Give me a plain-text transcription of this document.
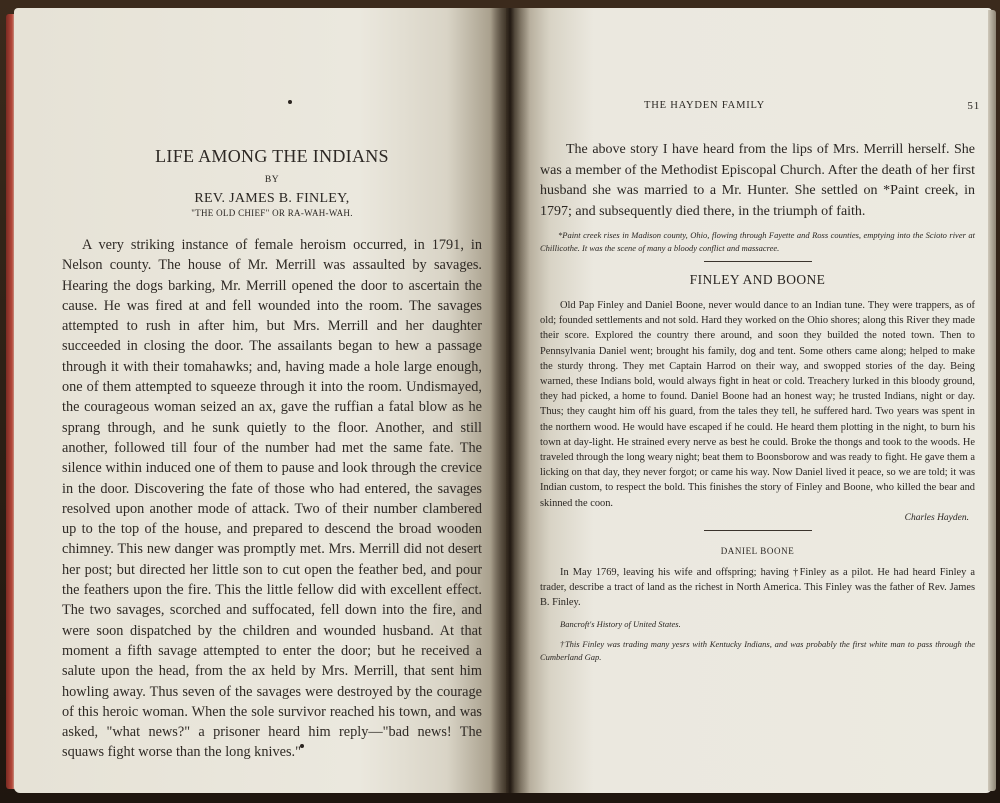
LIFE AMONG THE INDIANS
BY
REV. JAMES B. FINLEY,
"THE OLD CHIEF" OR RA-WAH-WAH.

A very striking instance of female heroism occurred, in 1791, in Nelson county. The house of Mr. Merrill was assaulted by savages. Hearing the dogs barking, Mr. Merrill opened the door to ascertain the cause. He was fired at and fell wounded into the room. The savages attempted to rush in after him, but Mrs. Merrill and her daughter succeeded in closing the door. The assailants began to hew a passage through it with their tomahawks; and, having made a hole large enough, one of them attempted to squeeze through it into the room. Undismayed, the courageous woman seized an ax, gave the ruffian a fatal blow as he sprang through, and he sunk quietly to the floor. Another, and still another, followed till four of the number had met the same fate. The silence within induced one of them to pause and look through the crevice in the door. Discovering the fate of those who had entered, the savages resolved upon another mode of attack. Two of their number clambered up to the top of the house, and prepared to descend the broad wooden chimney. This new danger was promptly met. Mrs. Merrill did not desert her post; but directed her little son to cut open the feather bed, and pour the feathers upon the fire. This the little fellow did with excellent effect. The two savages, scorched and suffocated, fell down into the fire, and were soon dispatched by the children and wounded husband. At that moment a fifth savage attempted to enter the door; but he received a salute upon the head, from the ax held by Mrs. Merrill, that sent him howling away. Thus seven of the savages were destroyed by the courage of this heroic woman. When the sole survivor reached his town, and was asked, "what news?" a prisoner heard him reply—"bad news! The squaws fight worse than the long knives."

THE HAYDEN FAMILY	51

The above story I have heard from the lips of Mrs. Merrill herself. She was a member of the Methodist Episcopal Church. After the death of her first husband she was married to a Mr. Hunter. She settled on *Paint creek, in 1797; and subsequently died there, in the triumph of faith.

*Paint creek rises in Madison county, Ohio, flowing through Fayette and Ross counties, emptying into the Scioto river at Chillicothe. It was the scene of many a bloody conflict and massacree.

FINLEY AND BOONE

Old Pap Finley and Daniel Boone, never would dance to an Indian tune. They were trappers, as of old; founded settlements and not sold. Hard they worked on the Ohio shores; along this River they made their score. Explored the country there around, and soon they builded the noted town. Then to Pennsylvania Daniel went; brought his family, dog and tent. Some others came along; helped to make the sturdy throng. They met Captain Harrod on their way, and swopped stories of the day. Being warned, these Indians bold, would always fight in heat or cold. Treachery lurked in this bloody ground, they had picked, a home to found. Daniel Boone had an honest way; he trusted Indians, night or day. Thus; they caught him off his guard, from the tales they tell, he suffered hard. Two years was spent in the northern wood. He would have escaped if he could. He heard them plotting in the night, to burn his town at day-light. He strained every nerve as best he could. Broke the thongs and took to the woods. He traveled through the long weary night; beat them to Boonsborow and was ready to fight. He gave them a licking on that day, they never forgot; or came his way. Now Daniel lived it peace, so we are told; it was Indian custom, to respect the bold. This finishes the story of Finley and Boone, who killed the bear and skinned the coon.

Charles Hayden.
DANIEL BOONE

In May 1769, leaving his wife and offspring; having †Finley as a pilot. He had heard Finley a trader, describe a tract of land as the richest in North America. This Finley was the father of Rev. James B. Finley.

Bancroft's History of United States.

†This Finley was trading many yesrs with Kentucky Indians, and was probably the first white man to pass through the Cumberland Gap.
